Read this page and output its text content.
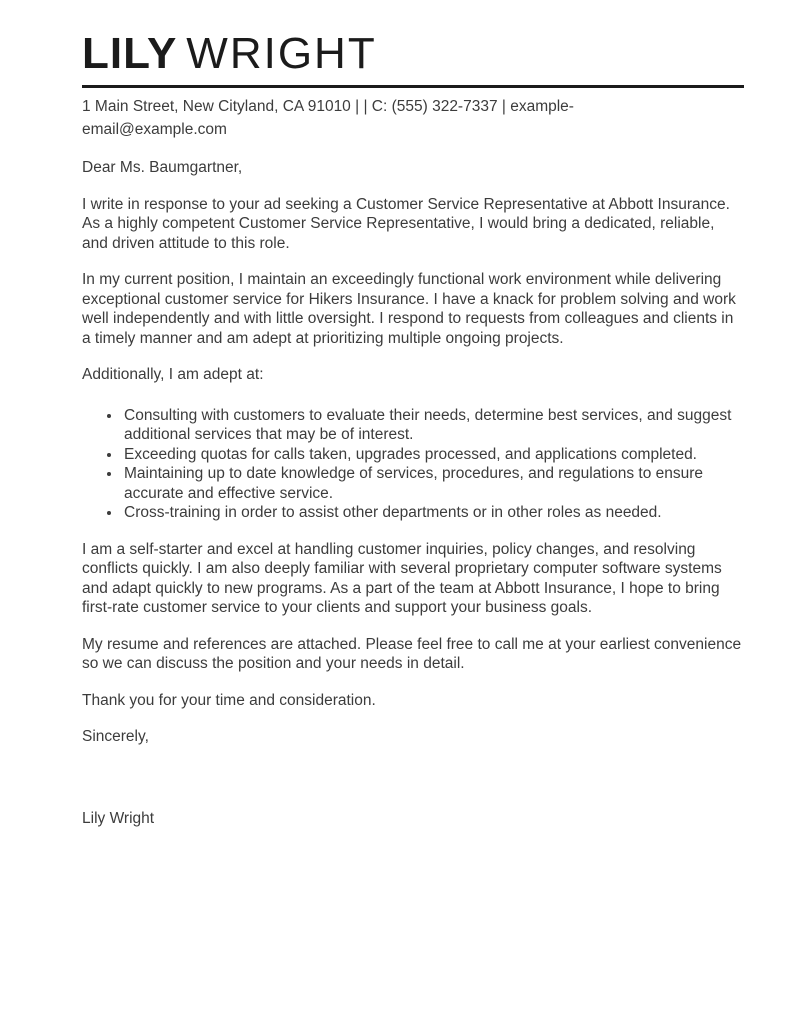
LILY WRIGHT
1 Main Street, New Cityland, CA 91010 | | C: (555) 322-7337 | example-
email@example.com

Dear Ms. Baumgartner,

I write in response to your ad seeking a Customer Service Representative at Abbott Insurance. As a highly competent Customer Service Representative, I would bring a dedicated, reliable, and driven attitude to this role.

In my current position, I maintain an exceedingly functional work environment while delivering exceptional customer service for Hikers Insurance. I have a knack for problem solving and work well independently and with little oversight. I respond to requests from colleagues and clients in a timely manner and am adept at prioritizing multiple ongoing projects.

Additionally, I am adept at:

• Consulting with customers to evaluate their needs, determine best services, and suggest additional services that may be of interest.
• Exceeding quotas for calls taken, upgrades processed, and applications completed.
• Maintaining up to date knowledge of services, procedures, and regulations to ensure accurate and effective service.
• Cross-training in order to assist other departments or in other roles as needed.

I am a self-starter and excel at handling customer inquiries, policy changes, and resolving conflicts quickly. I am also deeply familiar with several proprietary computer software systems and adapt quickly to new programs. As a part of the team at Abbott Insurance, I hope to bring first-rate customer service to your clients and support your business goals.

My resume and references are attached. Please feel free to call me at your earliest convenience so we can discuss the position and your needs in detail.

Thank you for your time and consideration.

Sincerely,

Lily Wright
